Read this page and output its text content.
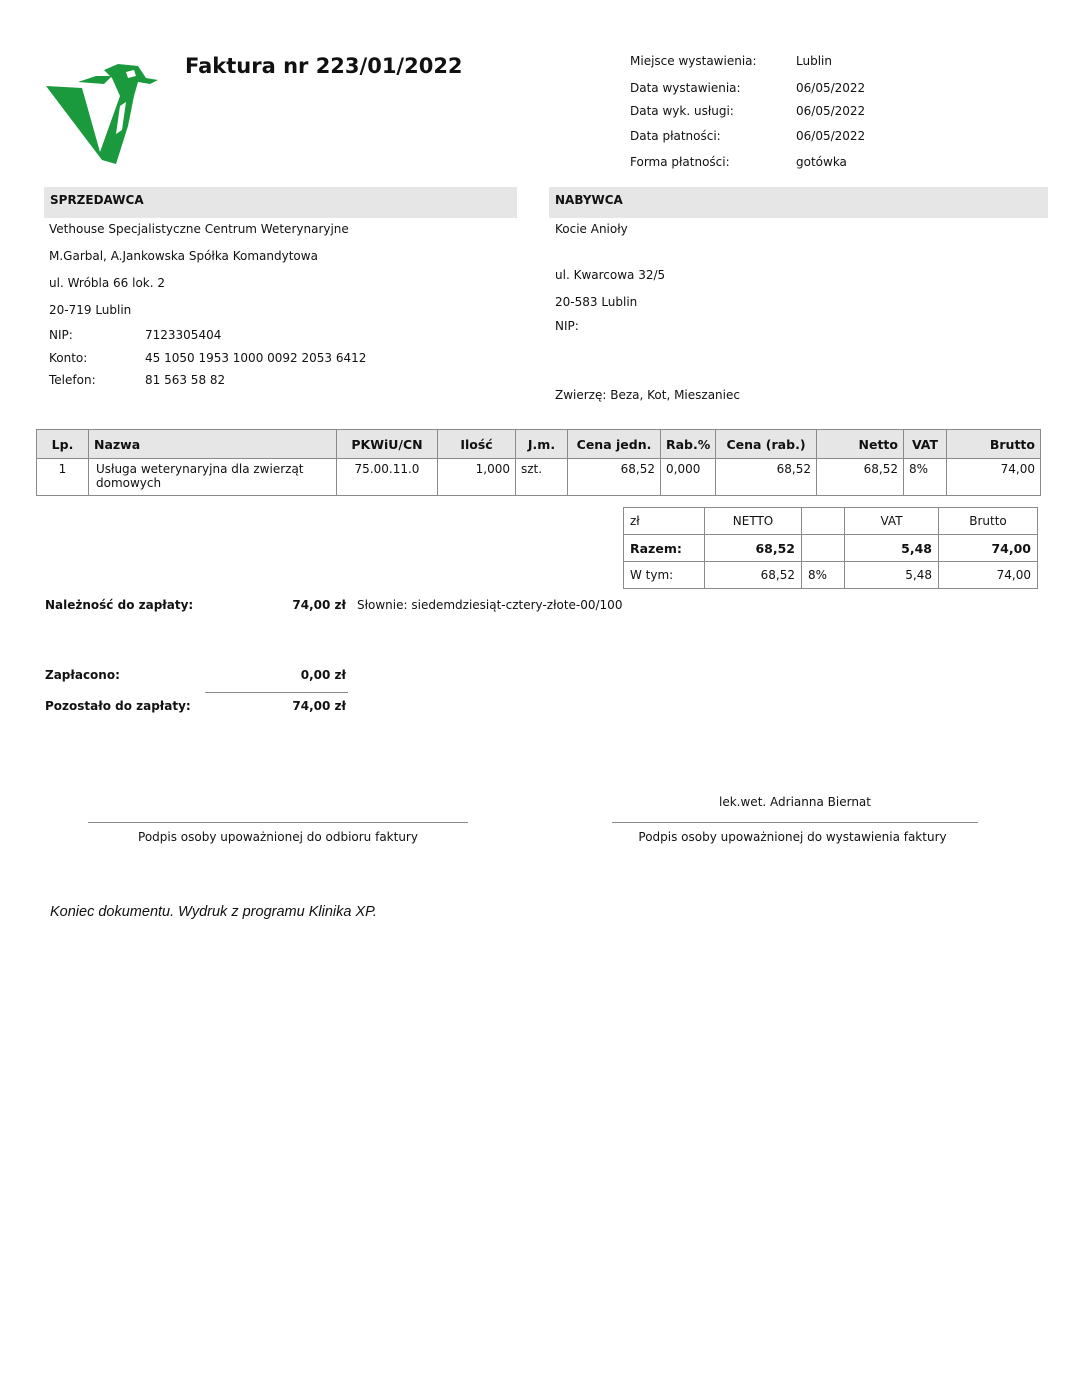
Faktura nr 223/01/2022	Miejsce wystawienia:	Lublin
Data wystawienia:	06/05/2022
Data wyk. usługi:	06/05/2022
Data płatności:	06/05/2022
Forma płatności:	gotówka
SPRZEDAWCA
Vethouse Specjalistyczne Centrum Weterynaryjne
M.Garbal, A.Jankowska Spółka Komandytowa
ul. Wróbla 66 lok. 2
20-719 Lublin
NIP:	7123305404
Konto:	45 1050 1953 1000 0092 2053 6412
Telefon:	81 563 58 82
NABYWCA
Kocie Anioły
ul. Kwarcowa 32/5
20-583 Lublin
NIP:
Zwierzę: Beza, Kot, Mieszaniec
Lp.	Nazwa	PKWiU/CN	Ilość	J.m.	Cena jedn.	Rab.%	Cena (rab.)	Netto	VAT	Brutto
1	Usługa weterynaryjna dla zwierząt domowych	75.00.11.0	1,000	szt.	68,52	0,000	68,52	68,52	8%	74,00
zł	NETTO		VAT	Brutto
Razem:	68,52		5,48	74,00
W tym:	68,52	8%	5,48	74,00
Należność do zapłaty:	74,00 zł Słownie: siedemdziesiąt-cztery-złote-00/100
Zapłacono:	0,00 zł
Pozostało do zapłaty:	74,00 zł
lek.wet. Adrianna Biernat
Podpis osoby upoważnionej do odbioru faktury	Podpis osoby upoważnionej do wystawienia faktury
Koniec dokumentu. Wydruk z programu Klinika XP.
